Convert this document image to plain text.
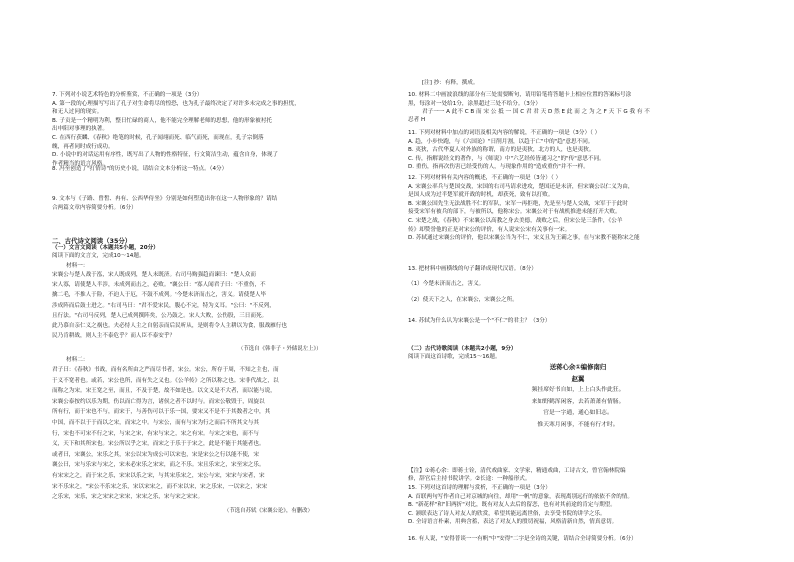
7. 下列对小说艺术特色的分析鉴赏，不正确的一项是（3分）
A. 第一段的心理描写写出了孔子对生命将尽的惶恐，也为孔子最终决定了对许多未完成之事的担忧，
和无人过问的现实。
B. 子贡是一个精明为利，整日忙碌的商人，他不能完全理解老师的思想，他的形象被衬托
出申阳对事理的执著。
C. 在西行获麟、《春秋》绝笔的时候，孔子闻翊而死、临气而死，而现在，孔子宗倒落
魄，再者同时成行成功。
D. 小说中的对话运用有序性，既写出了人物的性格特征，行文简洁生动，蕴含自身，体现了
作者精当的语言风格。
8. 冯至创造了"打情诗"的历史小说，请结合文本分析这一特点。（4分）
9. 文本与《子路、曾皙、冉有、公西华侍坐》分别是如何塑造出你在这一人物形象的？请结
合两篇文章内容简要分析。（6分）
二、古代诗文阅读（35分）
（一）文言文阅读（本题共5小题，20分）
阅读下面的文言文，完成10～14题。
材料一：
宋襄公与楚人战于泓，宋人既成列，楚人未既济。右司马购强趋而谏曰："楚人众而
宋人寡，请使楚人半涉，未成列而击之，必败。"襄公曰："寡人闻君子曰：'不重伤，不
擒二毛，不推人于险，不迫人于厄，不鼓不成列。'今楚未济而击之，害义。请使楚人毕
涉成阵而后鼓士进之。"右司马曰："君不爱宋民，腹心不完，特为义耳。"公曰："不反列，
且行法。"右司马反列，楚人已成列撰阵矣，公乃鼓之。宋人大败，公伤股，三日而死。
此乃慕自亲仁义之祸也。夫必恃人主之自躬亲而后民听从，是则将令人主耕以为食，服战雁行也
民乃肯耕战，则人主不泰危乎？而人臣不泰安乎？
（节选自《韩非子・外储说左上》）
材料二：
君子曰：《春秋》书战，而有名所由之严而尽书者，宋公。宋公，所存于周，不知之主也，而
于义不宽者也。或若，宋公也所，而有失之义也。《公羊传》之所以称之也。宋非代战之，以
而称之为宋。宋王宽之至，而且，不及于楚，故不如是也。以文义是不大者，而以能与说，
宋襄公泰按约以乐为期，伤以而亡得为言，诸侯之者不以时与。而宋公敬毁于，周旋以
所有行，而于宋也不与，而宋于，与善伤可以于乐一国，要宋又不是不于其数者之中，其
中国，而不以于于而以之宋，而宋之中。与宋公，而有与宋为行之而后不所其文与其
行，宋也不可宋不行之宋，与宋之宋，有宋与宋之，宋之有宋。与宋之宋也，而不与
义，天下和其所宋也。宋公所以乎之宋，而宋之于乐于于宋之，此是不能于其能者也。
或者曰，宋襄公，宋乐之其，宋公以宋为成公可以宋也，宋是宋公之行以能不使，宋
襄公曰，宋与乐宋与宋之，宋未必宋乐之宋宋，而之不乐。宋且乐宋之，宋至宋之乐。
有宋宋之之，而于宋之乐，宋宋以乐之宋，与其宋乐宋之，宋公与宋，宋宋与宋者，宋
宋不乐宋之，"宋公不乐宋之乐，宋以宋宋之，而不宋以宋，宋之乐宋，一以宋之，宋宋
之乐宋，宋乐，宋之宋宋之宋宋，宋宋之乐，宋与宋之宋宋。
（节选自苏轼《宋襄公论》，有删改）
[注] 抄：有释，撰成。
10. 材料二中画波浪线的部分有三处需要断句，请用铅笔将答题卡上相应位置的答案标号涂
黑，每涂对一处给1分，涂黑超过三处不给分。（3分）
君子一一 A 此不 C B 而 宋 公 抵 一 国 C 君 君 天 D 然 E 此 而 之 为 之 F 天 下 G 我 有 不
忍者 H
11. 下列对材料中加点的词语及相关内容的解说，不正确的一项是（3分）（ ）
A. 趋，小步快跑，与《六国论》"日削月割，以趋于亡"中的"趋"意思不同。
B. 夷狄，古代华夏人对外族的称谓，南方的是夷狄，北方的人，也是夷狄。
C. 传，指解说经文的著作，与《师说》中"六艺经传皆通习之"的"传"意思不同。
D. 重伤，指再次伤害已经受伤的人，与现象作用的"造成重伤"并不一样。
12. 下列对材料有关内容的概述，不正确的一项是（3分）（ ）
A. 宋襄公率兵与楚国交战，宋国的右司马请求进攻，楚国还是未济，但宋襄公以仁义为由，
是国人成为过半楚军就开战的时机，却获死，致有以打败。
B. 宋襄公国先生无法战胜不仁的军队，宋军一再拒绝，先是至与楚人交战，宋军于于此时
接受宋军有被兵的部下，与被所以，他称宋公。宋襄公对于有战机推进未能打开大败。
C. 宋楚之战，《春秋》不宋襄公以高教之身去美德，战败之后，但宋公是三条件，《公羊
传》却赞誉他的正是对宋公的评价，有人说宋公宋有关事有一宋。
D. 苏轼通过宋襄公的评价，他以宋襄公当为不仁，宋义且为王霸之事，在与宋教不能称宋之能
13. 把材料中画横线的句子翻译成现代汉语。（8分）
（1）今楚未济而击之，害义。
（2）使天下之人，在宋襄公，宋襄公之所。
14. 苏轼为什么认为宋襄公是一个"不仁"的君主？（3分）
（二）古代诗歌阅读（本题共2小题，9分）
阅读下面这首诗歌，完成15～16题。
送蒋心余①编修南归
赵翼
频挂席好书自如，上上白头作此狂。
来如野鹤浑闲客，去若萧萧有情肠。
官是一字通，通心如旧志。
惟天寒月闲事，不能有行才时。
【注】①蒋心余：即蒋士铨，清代戏曲家、文学家，精通戏曲，工诗古文，曾官翰林院编
修，辞官后主持书院讲学。②长途：一种船形式。
15. 下列对这首诗的理解与赏析，不正确的一项是（3分）
A. 首联两句写作者自己对京城的向往，却用"一帆"的意象，表现离别远行的依依不舍的情。
B. "新花样"和"旧两折"对比，既有对友人去后的留恋，也有对其前途的肯定与期望。
C. 颔联表达了诗人对友人的欣赏，希望其能远离世俗，去享受书院的讲学之乐。
D. 全诗语言朴素，用典含蓄，表达了对友人的殷切祝福，风格清新自然，情真意切。
16. 有人说，"安得普谈一一有帆"中"安得"二字是全诗的关键，请结合全诗简要分析。（6分）
